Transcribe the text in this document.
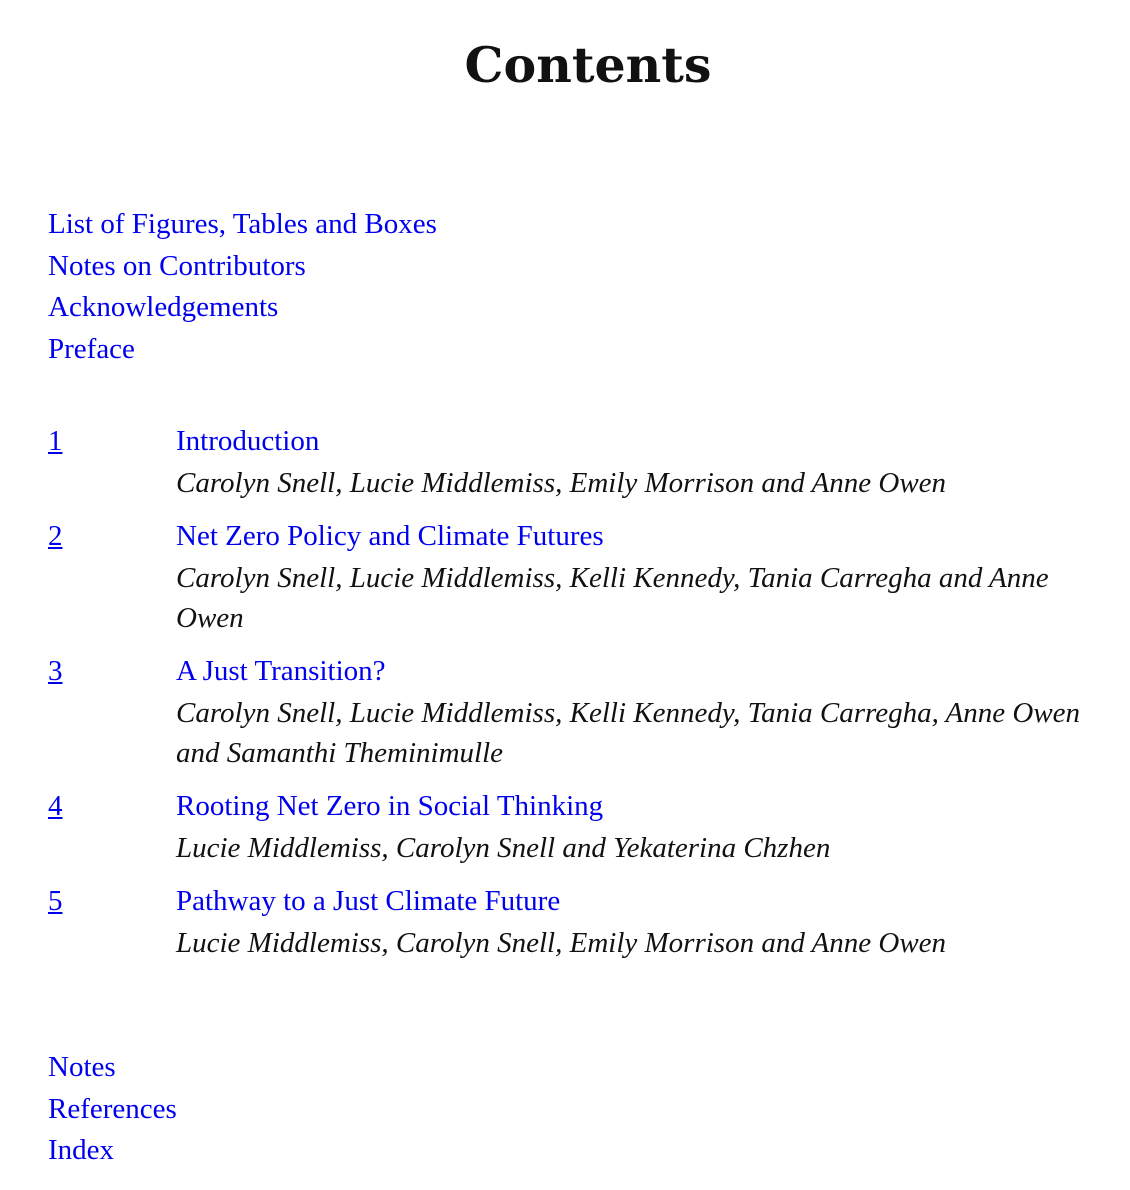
Contents
List of Figures, Tables and Boxes
Notes on Contributors
Acknowledgements
Preface
1	Introduction
Carolyn Snell, Lucie Middlemiss, Emily Morrison and Anne Owen
2	Net Zero Policy and Climate Futures
Carolyn Snell, Lucie Middlemiss, Kelli Kennedy, Tania Carregha and Anne Owen
3	A Just Transition?
Carolyn Snell, Lucie Middlemiss, Kelli Kennedy, Tania Carregha, Anne Owen and Samanthi Theminimulle
4	Rooting Net Zero in Social Thinking
Lucie Middlemiss, Carolyn Snell and Yekaterina Chzhen
5	Pathway to a Just Climate Future
Lucie Middlemiss, Carolyn Snell, Emily Morrison and Anne Owen
Notes
References
Index
